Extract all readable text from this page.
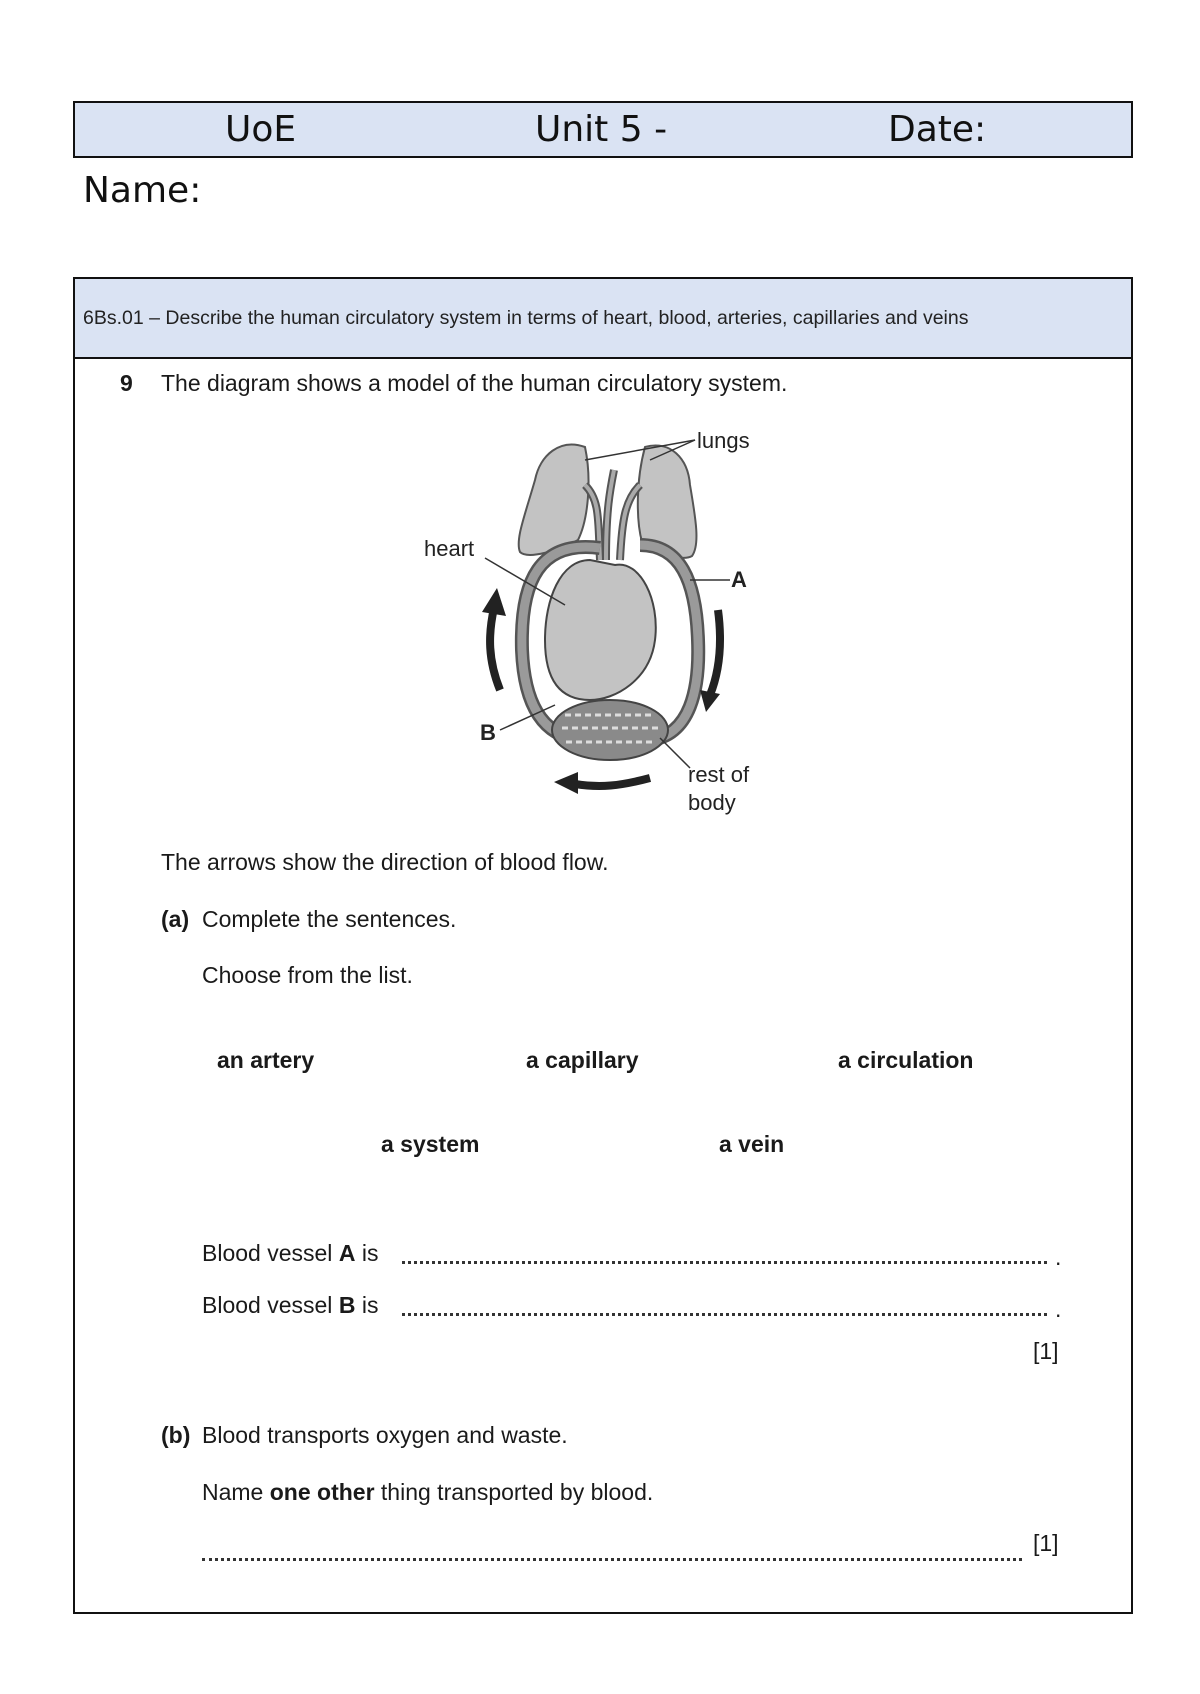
UoE	Unit 5 -	Date:
Name:
6Bs.01 – Describe the human circulatory system in terms of heart, blood, arteries, capillaries and veins
9 The diagram shows a model of the human circulatory system.
lungs
heart
A
B
rest of
body
The arrows show the direction of blood flow.
(a) Complete the sentences.
Choose from the list.
an artery	a capillary	a circulation
a system	a vein
Blood vessel A is	.
Blood vessel B is	.
[1]
(b) Blood transports oxygen and waste.
Name one other thing transported by blood.
[1]
